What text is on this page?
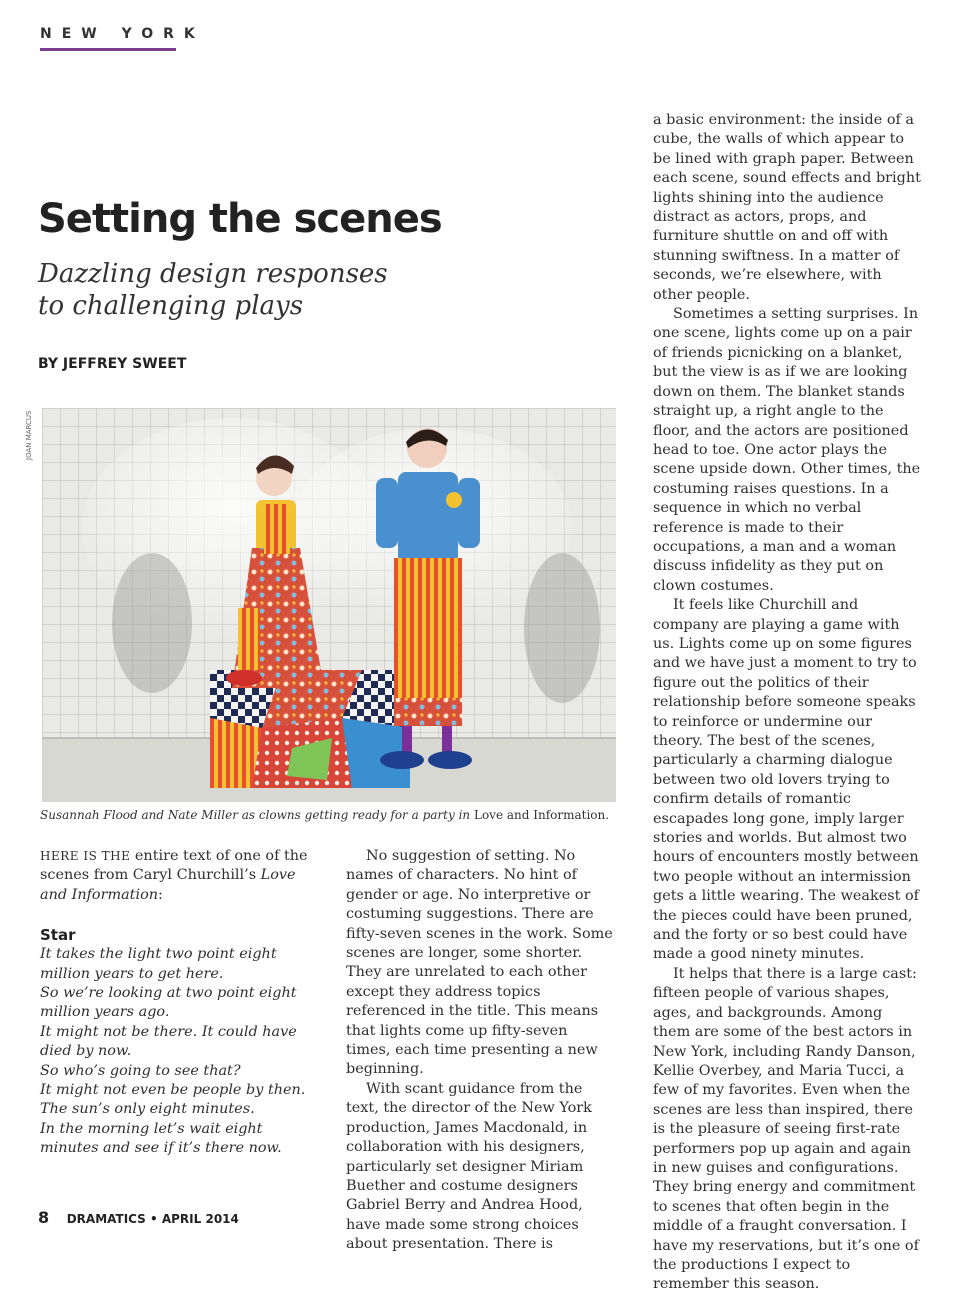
NEW YORK
Setting the scenes

Dazzling design responses
to challenging plays

BY JEFFREY SWEET
JOAN MARCUS
Susannah Flood and Nate Miller as clowns getting ready for a party in Love and Information.

HERE IS THE entire text of one of the scenes from Caryl Churchill’s Love and Information:

Star

It takes the light two point eight million years to get here.

So we’re looking at two point eight million years ago.

It might not be there. It could have died by now.

So who’s going to see that?

It might not even be people by then.

The sun’s only eight minutes.

In the morning let’s wait eight minutes and see if it’s there now.

No suggestion of setting. No names of characters. No hint of gender or age. No interpretive or costuming suggestions. There are fifty-seven scenes in the work. Some scenes are longer, some shorter. They are unrelated to each other except they address topics referenced in the title. This means that lights come up fifty-seven times, each time presenting a new beginning.

With scant guidance from the text, the director of the New York production, James Macdonald, in collaboration with his designers, particularly set designer Miriam Buether and costume designers Gabriel Berry and Andrea Hood, have made some strong choices about presentation. There is

a basic environment: the inside of a cube, the walls of which appear to be lined with graph paper. Between each scene, sound effects and bright lights shining into the audience distract as actors, props, and furniture shuttle on and off with stunning swiftness. In a matter of seconds, we’re elsewhere, with other people.

Sometimes a setting surprises. In one scene, lights come up on a pair of friends picnicking on a blanket, but the view is as if we are looking down on them. The blanket stands straight up, a right angle to the floor, and the actors are positioned head to toe. One actor plays the scene upside down. Other times, the costuming raises questions. In a sequence in which no verbal reference is made to their occupations, a man and a woman discuss infidelity as they put on clown costumes.

It feels like Churchill and company are playing a game with us. Lights come up on some figures and we have just a moment to try to figure out the politics of their relationship before someone speaks to reinforce or undermine our theory. The best of the scenes, particularly a charming dialogue between two old lovers trying to confirm details of romantic escapades long gone, imply larger stories and worlds. But almost two hours of encounters mostly between two people without an intermission gets a little wearing. The weakest of the pieces could have been pruned, and the forty or so best could have made a good ninety minutes.

It helps that there is a large cast: fifteen people of various shapes, ages, and backgrounds. Among them are some of the best actors in New York, including Randy Danson, Kellie Overbey, and Maria Tucci, a few of my favorites. Even when the scenes are less than inspired, there is the pleasure of seeing first-rate performers pop up again and again in new guises and configurations. They bring energy and commitment to scenes that often begin in the middle of a fraught conversation. I have my reservations, but it’s one of the productions I expect to remember this season.

8 DRAMATICS • APRIL 2014
